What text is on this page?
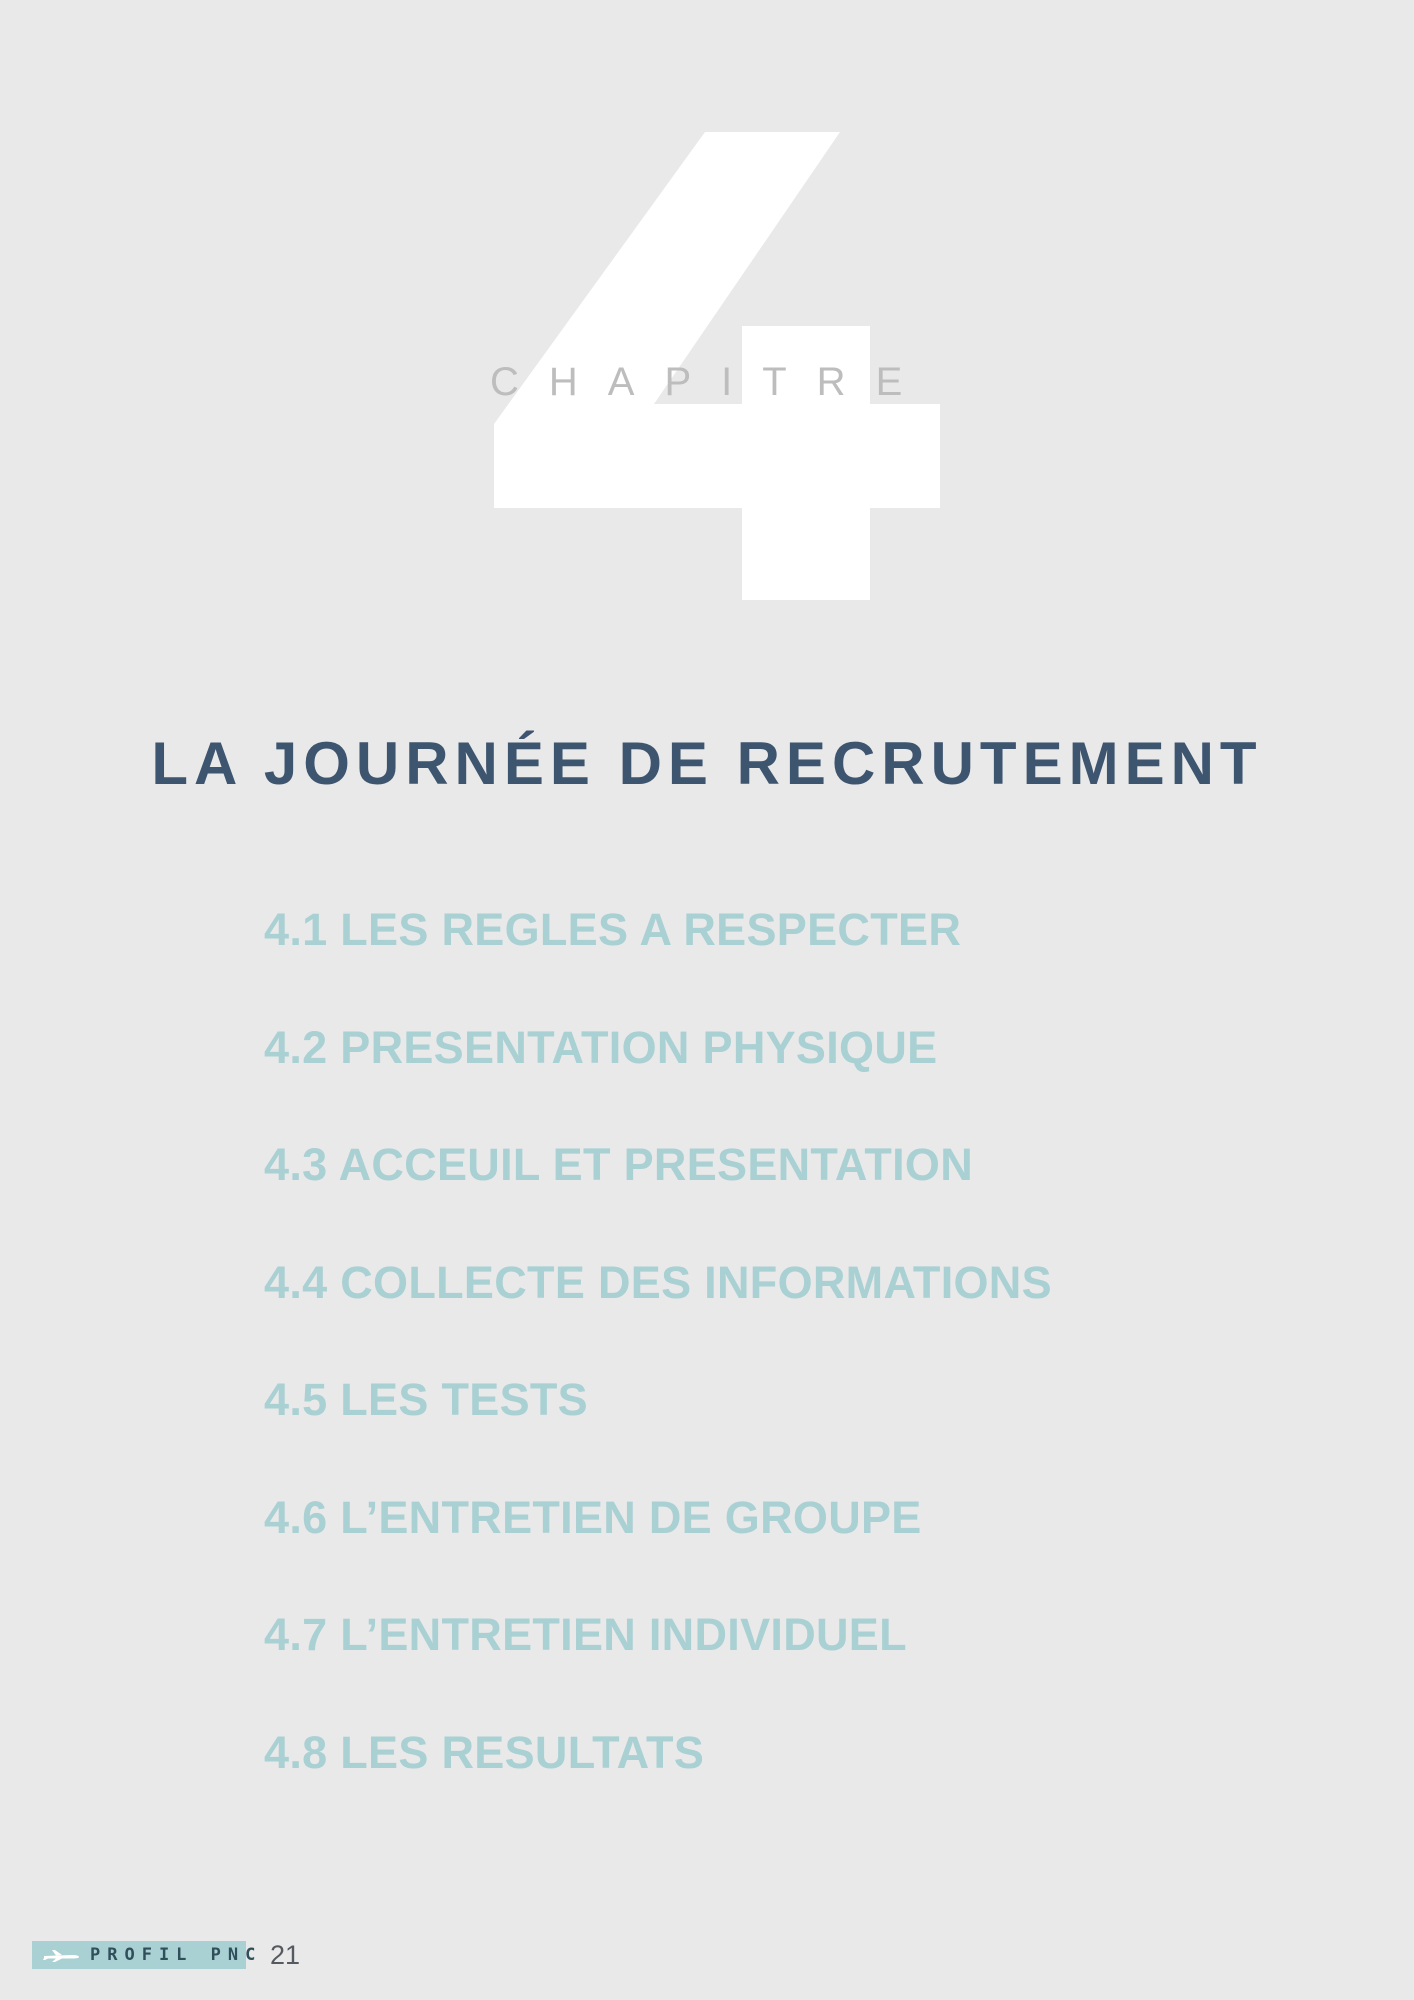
CHAPITRE
LA JOURNÉE DE RECRUTEMENT
4.1 LES REGLES A RESPECTER
4.2 PRESENTATION PHYSIQUE
4.3 ACCEUIL ET PRESENTATION
4.4 COLLECTE DES INFORMATIONS
4.5 LES TESTS
4.6 L’ENTRETIEN DE GROUPE
4.7 L’ENTRETIEN INDIVIDUEL
4.8 LES RESULTATS
PROFIL PNC 21
